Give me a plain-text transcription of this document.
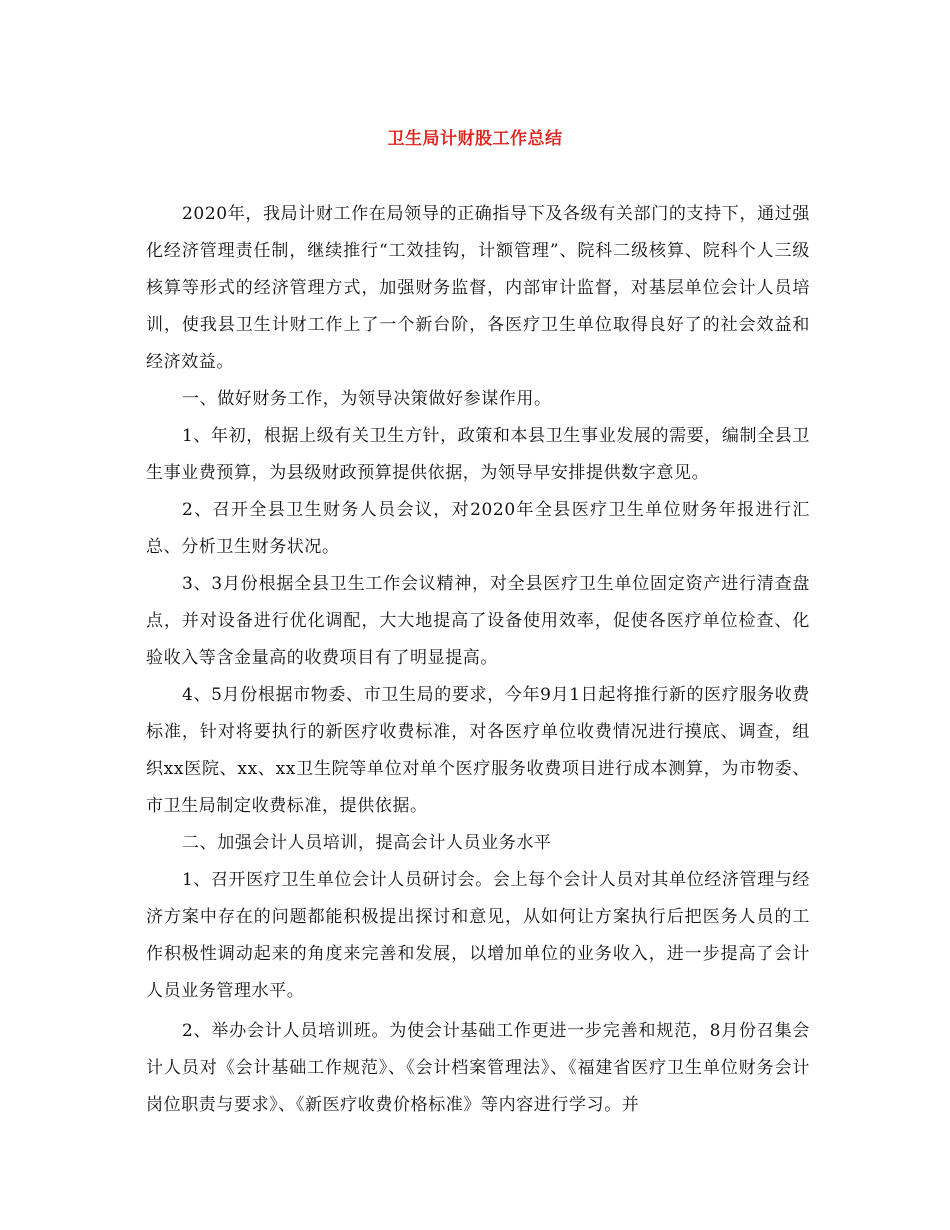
卫生局计财股工作总结

2020年，我局计财工作在局领导的正确指导下及各级有关部门的支持下，通过强化经济管理责任制，继续推行“工效挂钩，计额管理”、院科二级核算、院科个人三级核算等形式的经济管理方式，加强财务监督，内部审计监督，对基层单位会计人员培训，使我县卫生计财工作上了一个新台阶，各医疗卫生单位取得良好了的社会效益和经济效益。

一、做好财务工作，为领导决策做好参谋作用。

1、年初，根据上级有关卫生方针，政策和本县卫生事业发展的需要，编制全县卫生事业费预算，为县级财政预算提供依据，为领导早安排提供数字意见。

2、召开全县卫生财务人员会议，对2020年全县医疗卫生单位财务年报进行汇总、分析卫生财务状况。

3、3月份根据全县卫生工作会议精神，对全县医疗卫生单位固定资产进行清查盘点，并对设备进行优化调配，大大地提高了设备使用效率，促使各医疗单位检查、化验收入等含金量高的收费项目有了明显提高。

4、5月份根据市物委、市卫生局的要求，今年9月1日起将推行新的医疗服务收费标准，针对将要执行的新医疗收费标准，对各医疗单位收费情况进行摸底、调查，组织xx医院、xx、xx卫生院等单位对单个医疗服务收费项目进行成本测算，为市物委、市卫生局制定收费标准，提供依据。

二、加强会计人员培训，提高会计人员业务水平

1、召开医疗卫生单位会计人员研讨会。会上每个会计人员对其单位经济管理与经济方案中存在的问题都能积极提出探讨和意见，从如何让方案执行后把医务人员的工作积极性调动起来的角度来完善和发展，以增加单位的业务收入，进一步提高了会计人员业务管理水平。

2、举办会计人员培训班。为使会计基础工作更进一步完善和规范，8月份召集会计人员对《会计基础工作规范》、《会计档案管理法》、《福建省医疗卫生单位财务会计岗位职责与要求》、《新医疗收费价格标准》等内容进行学习。并
